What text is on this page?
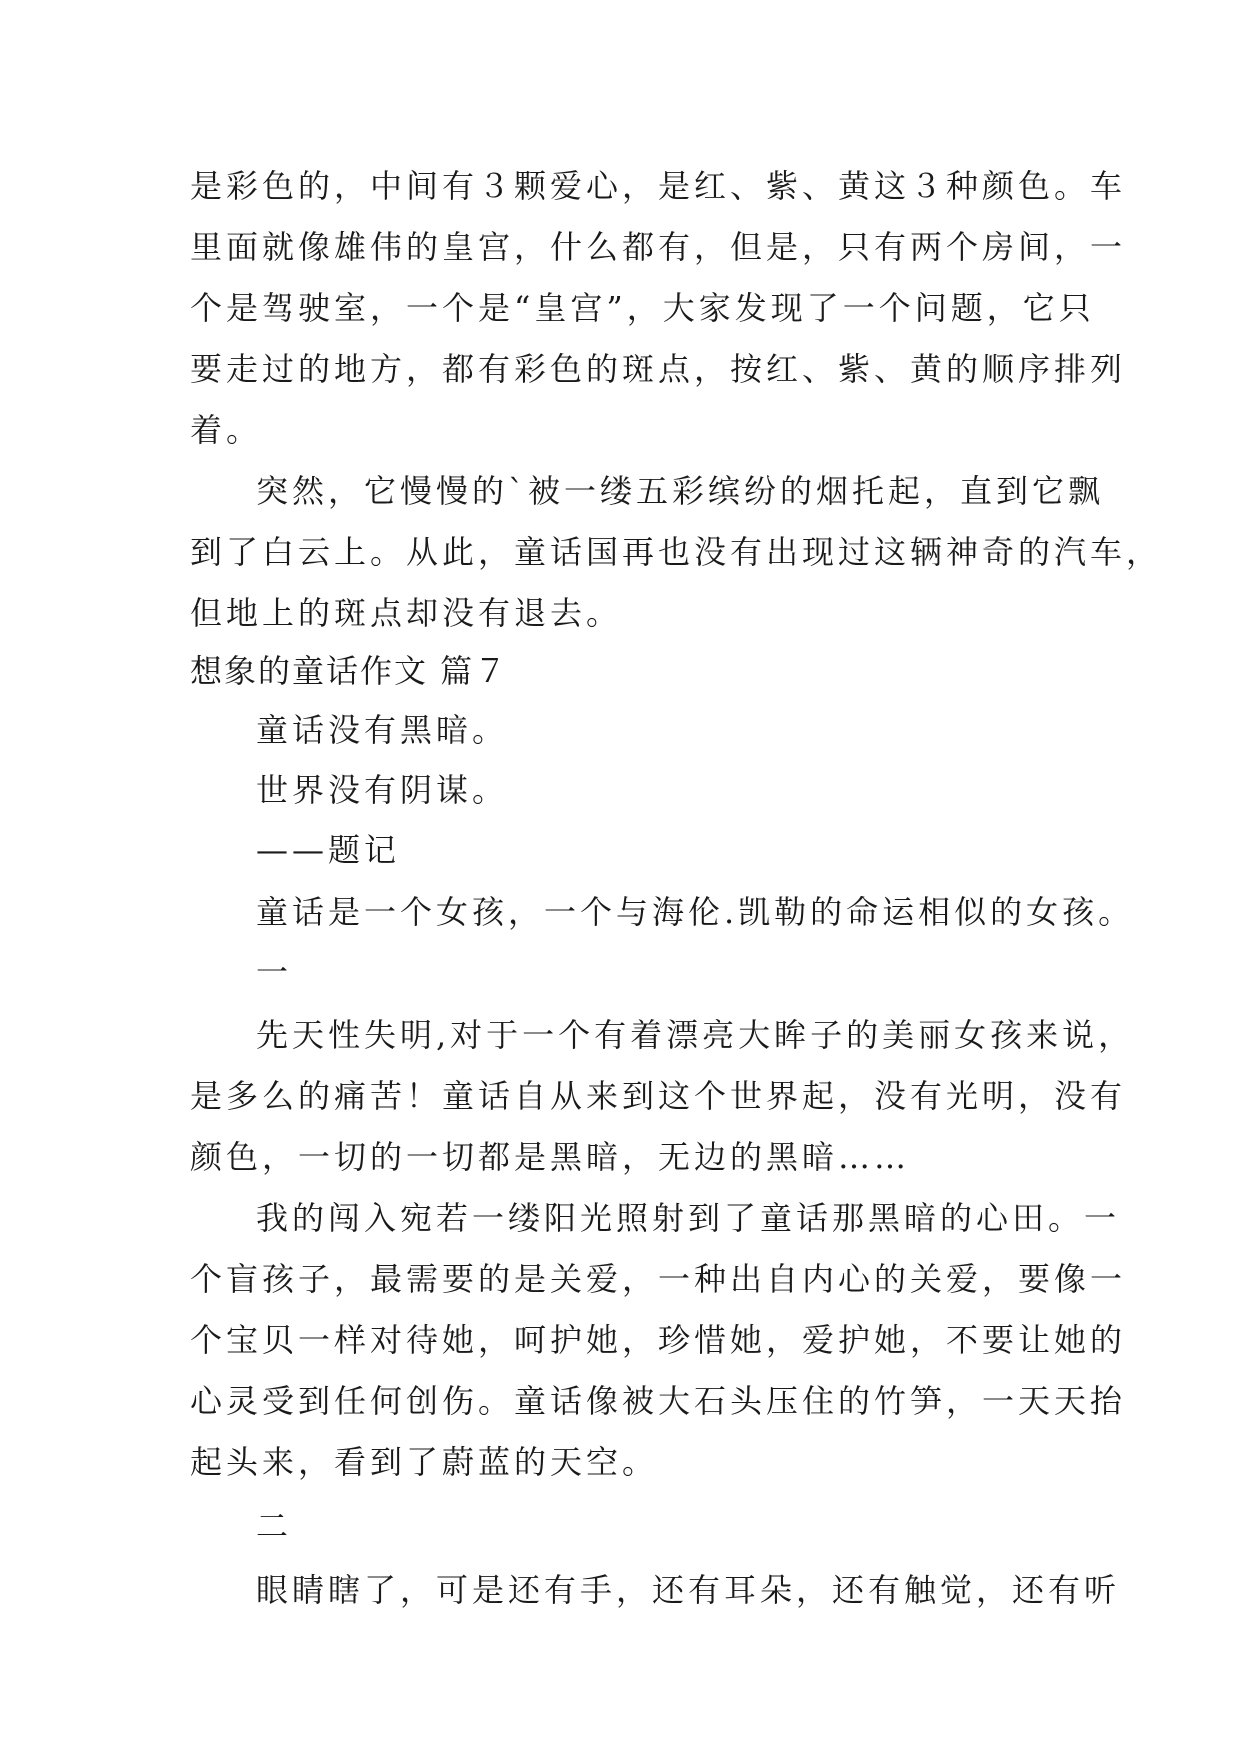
是彩色的，中间有３颗爱心，是红、紫、黄这３种颜色。车
里面就像雄伟的皇宫，什么都有，但是，只有两个房间，一
个是驾驶室，一个是“皇宫”，大家发现了一个问题，它只
要走过的地方，都有彩色的斑点，按红、紫、黄的顺序排列
着。
突然，它慢慢的`被一缕五彩缤纷的烟托起，直到它飘
到了白云上。从此，童话国再也没有出现过这辆神奇的汽车，
但地上的斑点却没有退去。
想象的童话作文 篇７
童话没有黑暗。
世界没有阴谋。
——题记
童话是一个女孩，一个与海伦.凯勒的命运相似的女孩。
一
先天性失明,对于一个有着漂亮大眸子的美丽女孩来说，
是多么的痛苦！童话自从来到这个世界起，没有光明，没有
颜色，一切的一切都是黑暗，无边的黑暗……
我的闯入宛若一缕阳光照射到了童话那黑暗的心田。一
个盲孩子，最需要的是关爱，一种出自内心的关爱，要像一
个宝贝一样对待她，呵护她，珍惜她，爱护她，不要让她的
心灵受到任何创伤。童话像被大石头压住的竹笋，一天天抬
起头来，看到了蔚蓝的天空。
二
眼睛瞎了，可是还有手，还有耳朵，还有触觉，还有听
